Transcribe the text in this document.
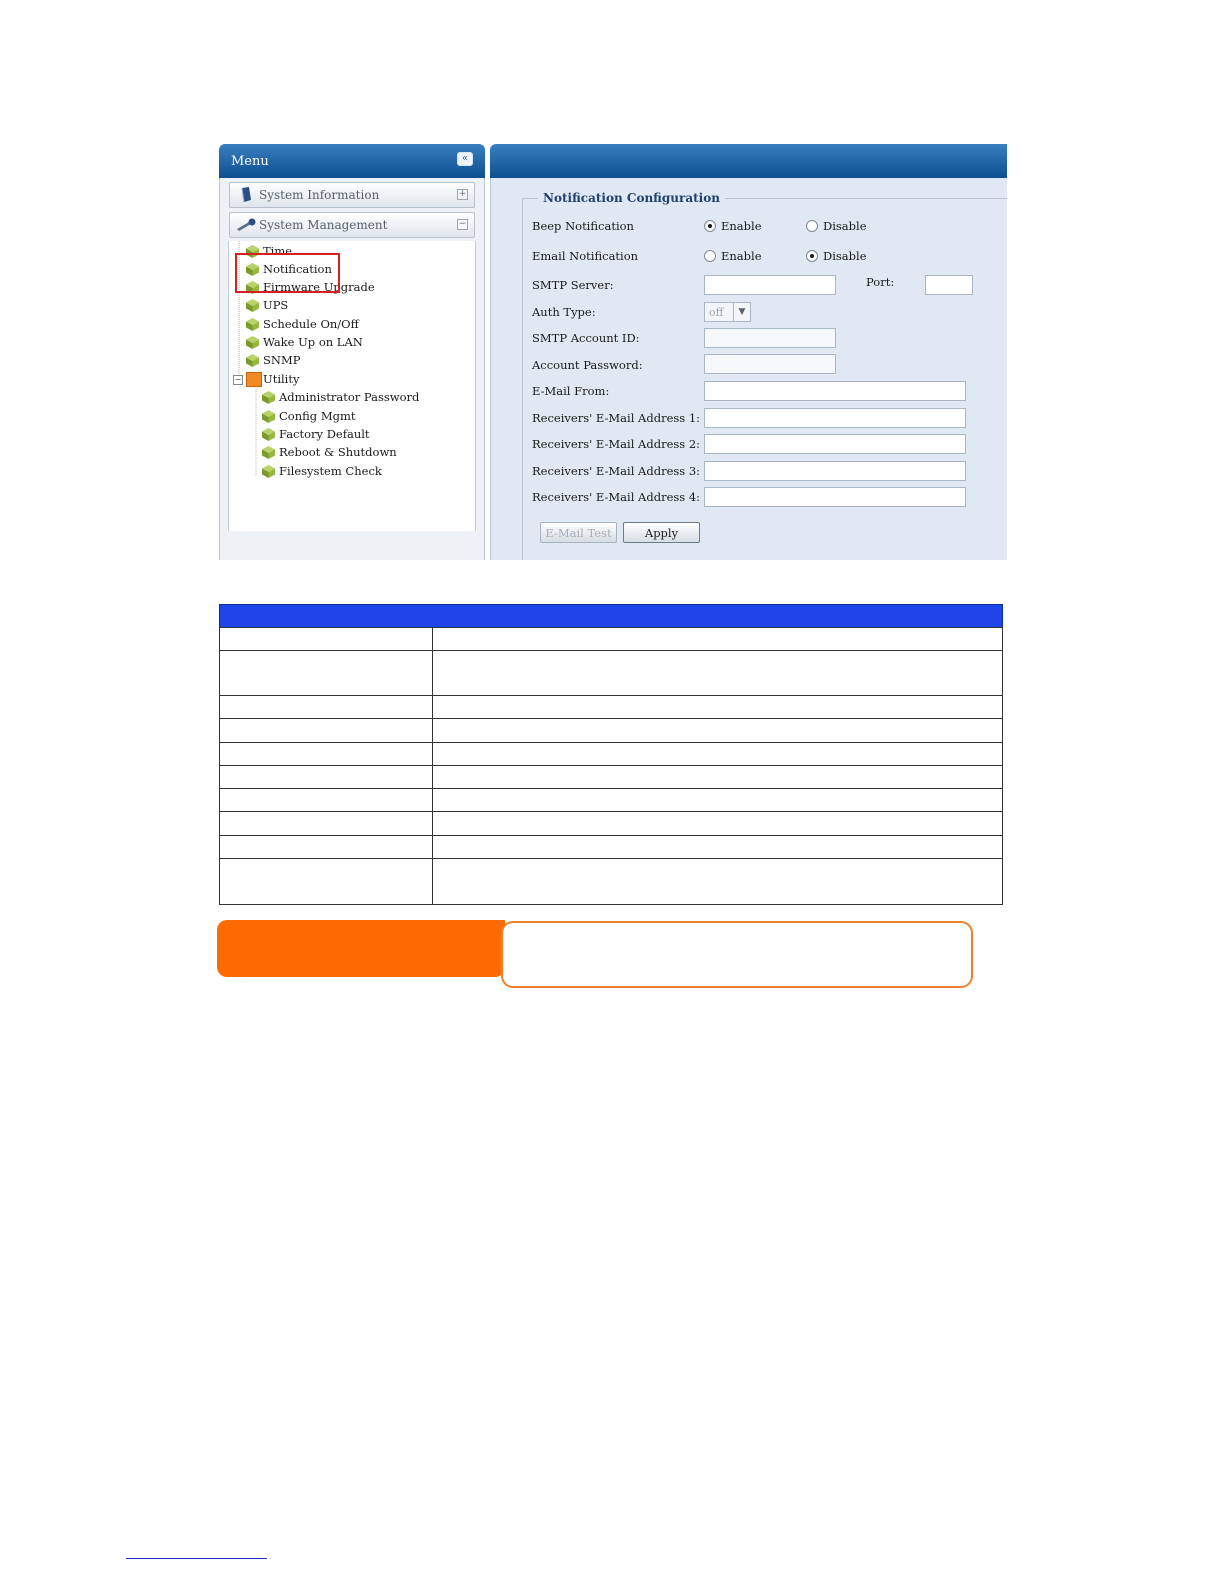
Menu	«
System Information	+
System Management	−
Time
Notification
Firmware Upgrade
UPS
Schedule On/Off
Wake Up on LAN
SNMP
− Utility
Administrator Password
Config Mgmt
Factory Default
Reboot & Shutdown
Filesystem Check
Notification Configuration
Beep Notification	Enable	Disable
Email Notification	Enable	Disable
SMTP Server:	Port:
Auth Type:	off	▼
SMTP Account ID:
Account Password:
E-Mail From:
Receivers' E-Mail Address 1:
Receivers' E-Mail Address 2:
Receivers' E-Mail Address 3:
Receivers' E-Mail Address 4:
E-Mail Test	Apply
